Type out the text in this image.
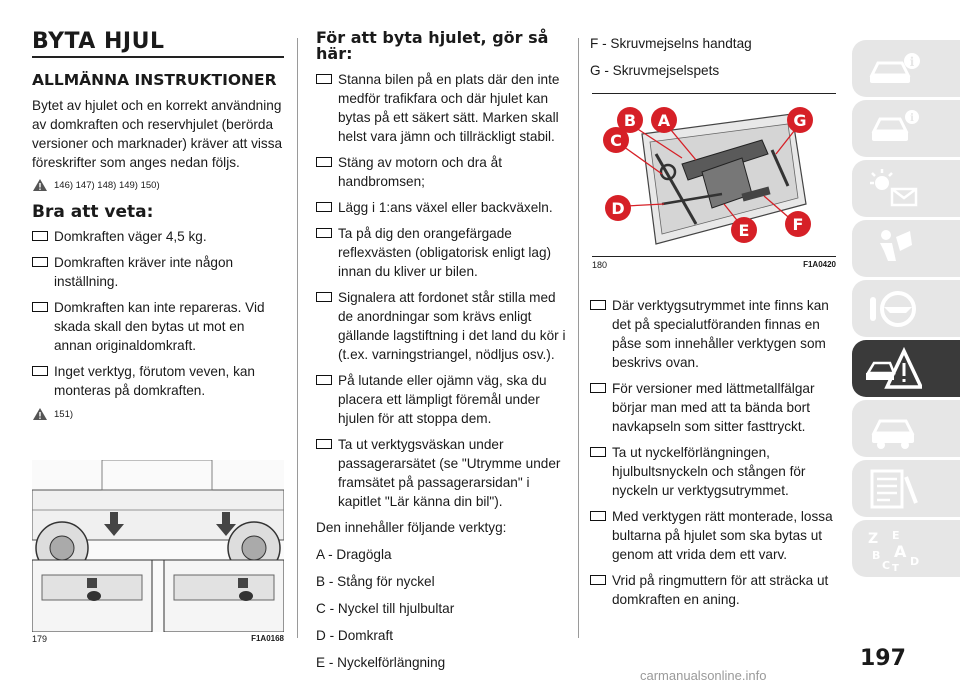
BYTA HJUL
ALLMÄNNA INSTRUKTIONER

Bytet av hjulet och en korrekt användning av domkraften och reservhjulet (berörda versioner och marknader) kräver att vissa föreskrifter som anges nedan följs.

146) 147) 148) 149) 150)
Bra att veta:
Domkraften väger 4,5 kg.
Domkraften kräver inte någon inställning.
Domkraften kan inte repareras. Vid skada skall den bytas ut mot en annan originaldomkraft.
Inget verktyg, förutom veven, kan monteras på domkraften.
151)
179	F1A0168
För att byta hjulet, gör så här:
Stanna bilen på en plats där den inte medför trafikfara och där hjulet kan bytas på ett säkert sätt. Marken skall helst vara jämn och tillräckligt stabil.
Stäng av motorn och dra åt handbromsen;
Lägg i 1:ans växel eller backväxeln.
Ta på dig den orangefärgade reflexvästen (obligatorisk enligt lag) innan du kliver ur bilen.
Signalera att fordonet står stilla med de anordningar som krävs enligt gällande lagstiftning i det land du kör i (t.ex. varningstriangel, nödljus osv.).
På lutande eller ojämn väg, ska du placera ett lämpligt föremål under hjulen för att stoppa dem.
Ta ut verktygsväskan under passagerarsätet (se "Utrymme under framsätet på passagerarsidan" i kapitlet "Lär känna din bil").
Den innehåller följande verktyg:
A - Dragögla
B - Stång för nyckel
C - Nyckel till hjulbultar
D - Domkraft
E - Nyckelförlängning
F - Skruvmejselns handtag
G - Skruvmejselspets
B A	G
C
D
E	F
180	F1A0420
Där verktygsutrymmet inte finns kan det på specialutföranden finnas en påse som innehåller verktygen som beskrivs ovan.
För versioner med lättmetallfälgar börjar man med att ta bända bort navkapseln som sitter fasttryckt.
Ta ut nyckelförlängningen, hjulbultsnyckeln och stången för nyckeln ur verktygsutrymmet.
Med verktygen rätt monterade, lossa bultarna på hjulet som ska bytas ut genom att vrida dem ett varv.
Vrid på ringmuttern för att sträcka ut domkraften en aning.
i
i
Z E
B A
C D
T
197
carmanualsonline.info
